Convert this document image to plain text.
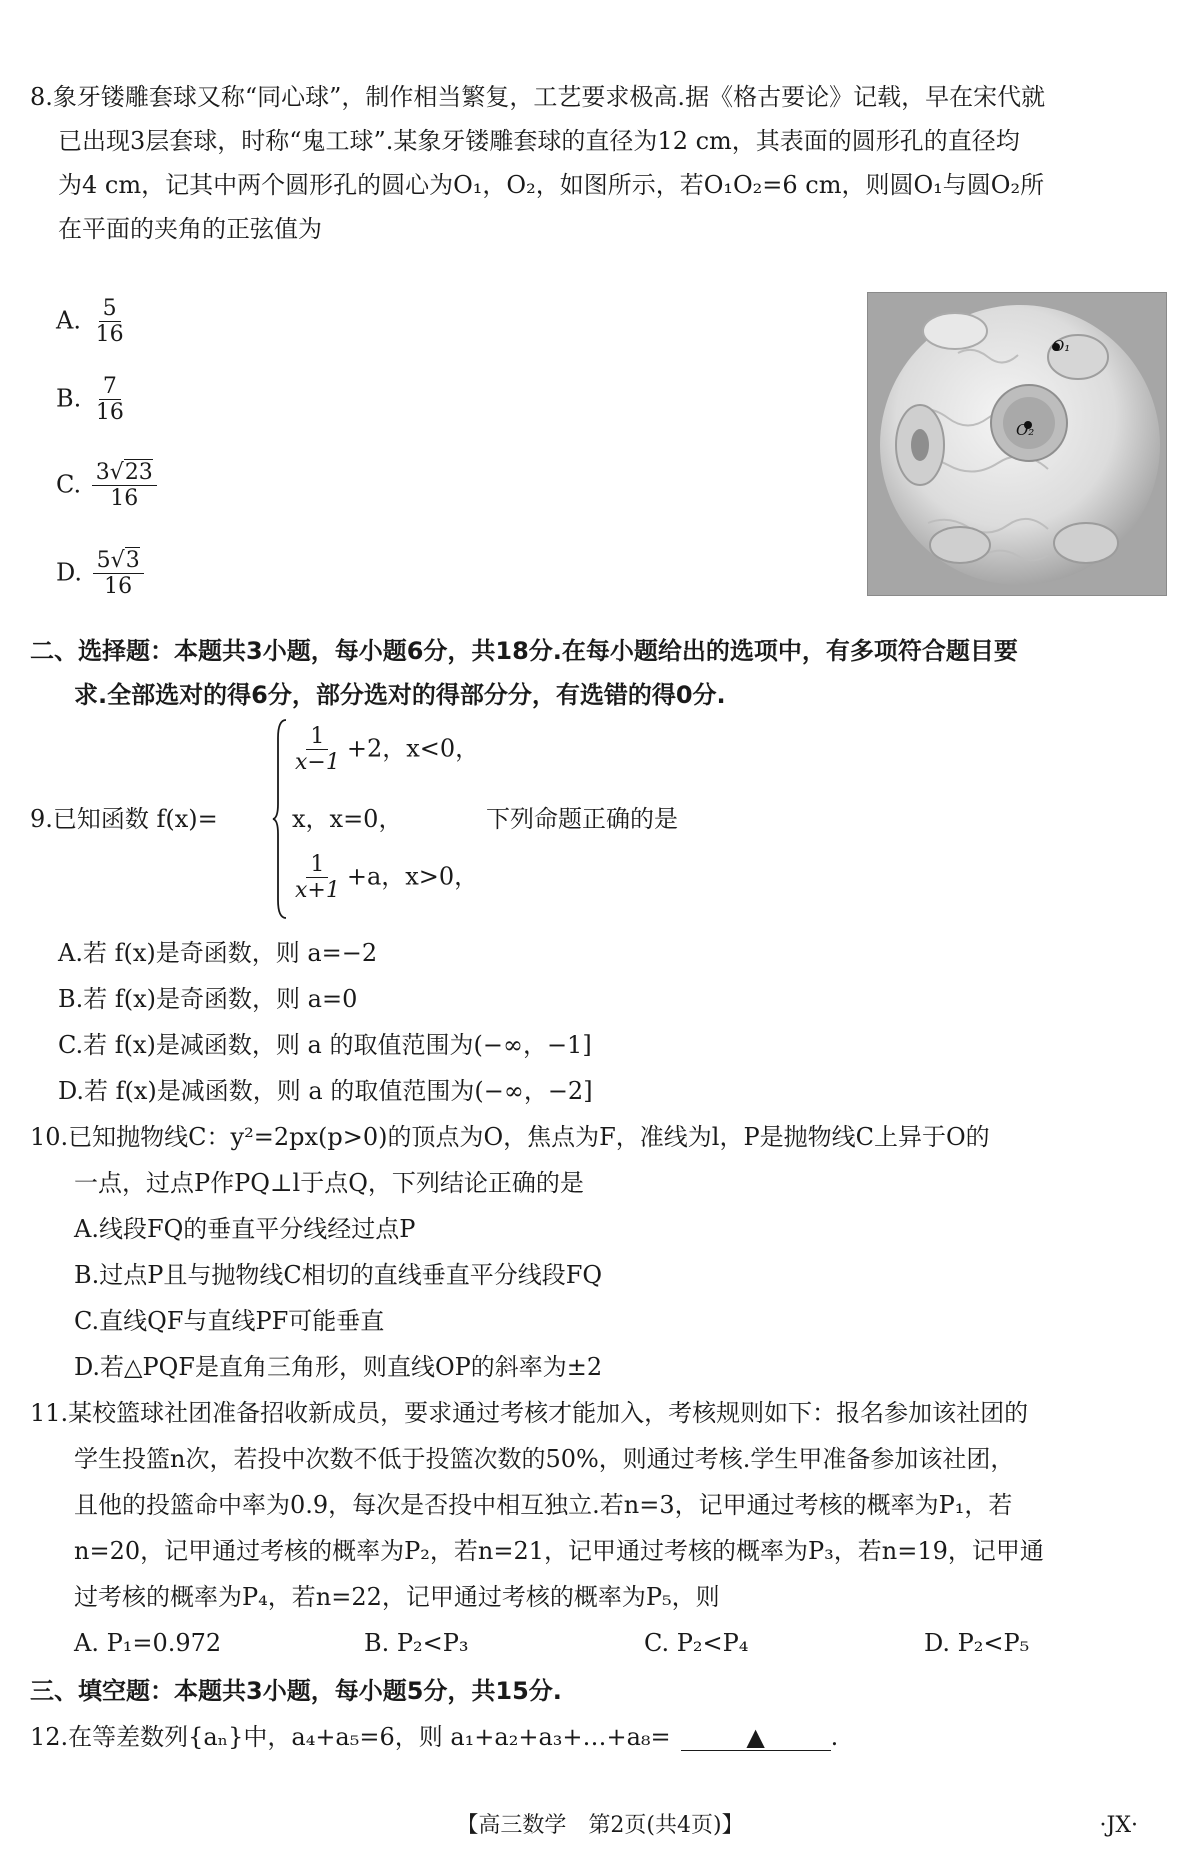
8.象牙镂雕套球又称“同心球”，制作相当繁复，工艺要求极高.据《格古要论》记载，早在宋代就
已出现3层套球，时称“鬼工球”.某象牙镂雕套球的直径为12 cm，其表面的圆形孔的直径均
为4 cm，记其中两个圆形孔的圆心为O₁，O₂，如图所示，若O₁O₂=6 cm，则圆O₁与圆O₂所
在平面的夹角的正弦值为
A. $\frac{5}{16}$
B. $\frac{7}{16}$
C. $\frac{3√23}{16}$
D. $\frac{5√3}{16}$
O₁
O₂
二、选择题：本题共3小题，每小题6分，共18分.在每小题给出的选项中，有多项符合题目要
求.全部选对的得6分，部分选对的得部分分，有选错的得0分.
9.已知函数 f(x)=
$\frac{1}{x-1} +2$，x<0，
x，x=0，
$\frac{1}{x+1} +a$，x>0，
下列命题正确的是
A.若 f(x)是奇函数，则 a=−2
B.若 f(x)是奇函数，则 a=0
C.若 f(x)是减函数，则 a 的取值范围为(−∞，−1]
D.若 f(x)是减函数，则 a 的取值范围为(−∞，−2]
10.已知抛物线C：y²=2px(p>0)的顶点为O，焦点为F，准线为l，P是抛物线C上异于O的
一点，过点P作PQ⊥l于点Q，下列结论正确的是
A.线段FQ的垂直平分线经过点P
B.过点P且与抛物线C相切的直线垂直平分线段FQ
C.直线QF与直线PF可能垂直
D.若△PQF是直角三角形，则直线OP的斜率为±2
11.某校篮球社团准备招收新成员，要求通过考核才能加入，考核规则如下：报名参加该社团的
学生投篮n次，若投中次数不低于投篮次数的50%，则通过考核.学生甲准备参加该社团，
且他的投篮命中率为0.9，每次是否投中相互独立.若n=3，记甲通过考核的概率为P₁，若
n=20，记甲通过考核的概率为P₂，若n=21，记甲通过考核的概率为P₃，若n=19，记甲通
过考核的概率为P₄，若n=22，记甲通过考核的概率为P₅，则
A. P₁=0.972	B. P₂<P₃	C. P₂<P₄	D. P₂<P₅
三、填空题：本题共3小题，每小题5分，共15分.
12.在等差数列{aₙ}中，a₄+a₅=6，则 a₁+a₂+a₃+…+a₈=	▲	.
【高三数学　第2页(共4页)】	·JX·
